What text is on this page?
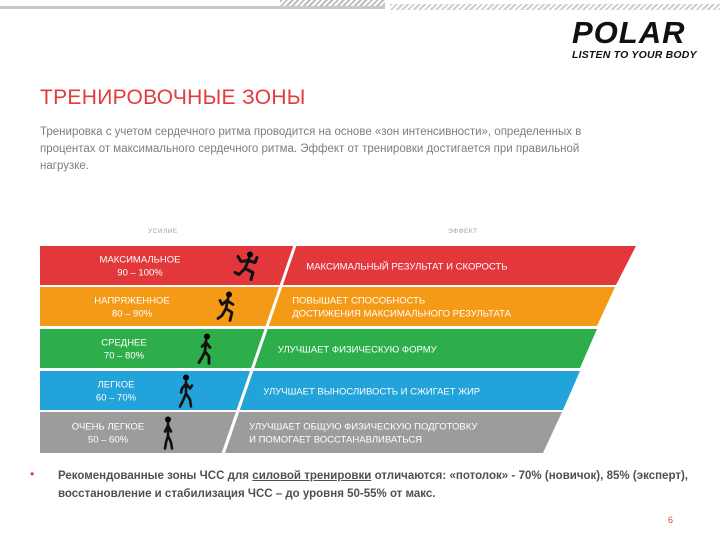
POLAR
LISTEN TO YOUR BODY
ТРЕНИРОВОЧНЫЕ ЗОНЫ
Тренировка с учетом сердечного ритма проводится на основе «зон интенсивности», определенных в процентах от максимального сердечного ритма. Эффект от тренировки достигается при правильной нагрузке.
УСИЛИЕ	ЭФФЕКТ
МАКСИМАЛЬНОЕ
90 – 100%
МАКСИМАЛЬНЫЙ РЕЗУЛЬТАТ И СКОРОСТЬ
НАПРЯЖЕННОЕ
80 – 90%
ПОВЫШАЕТ СПОСОБНОСТЬ
ДОСТИЖЕНИЯ МАКСИМАЛЬНОГО РЕЗУЛЬТАТА
СРЕДНЕЕ
70 – 80%
УЛУЧШАЕТ ФИЗИЧЕСКУЮ ФОРМУ
ЛЕГКОЕ
60 – 70%
УЛУЧШАЕТ ВЫНОСЛИВОСТЬ И СЖИГАЕТ ЖИР
ОЧЕНЬ ЛЕГКОЕ
50 – 60%
УЛУЧШАЕТ ОБЩУЮ ФИЗИЧЕСКУЮ ПОДГОТОВКУ
И ПОМОГАЕТ ВОССТАНАВЛИВАТЬСЯ
• Рекомендованные зоны ЧСС для силовой тренировки отличаются: «потолок» - 70% (новичок), 85% (эксперт), восстановление и стабилизация ЧСС – до уровня 50-55% от макс.
6
